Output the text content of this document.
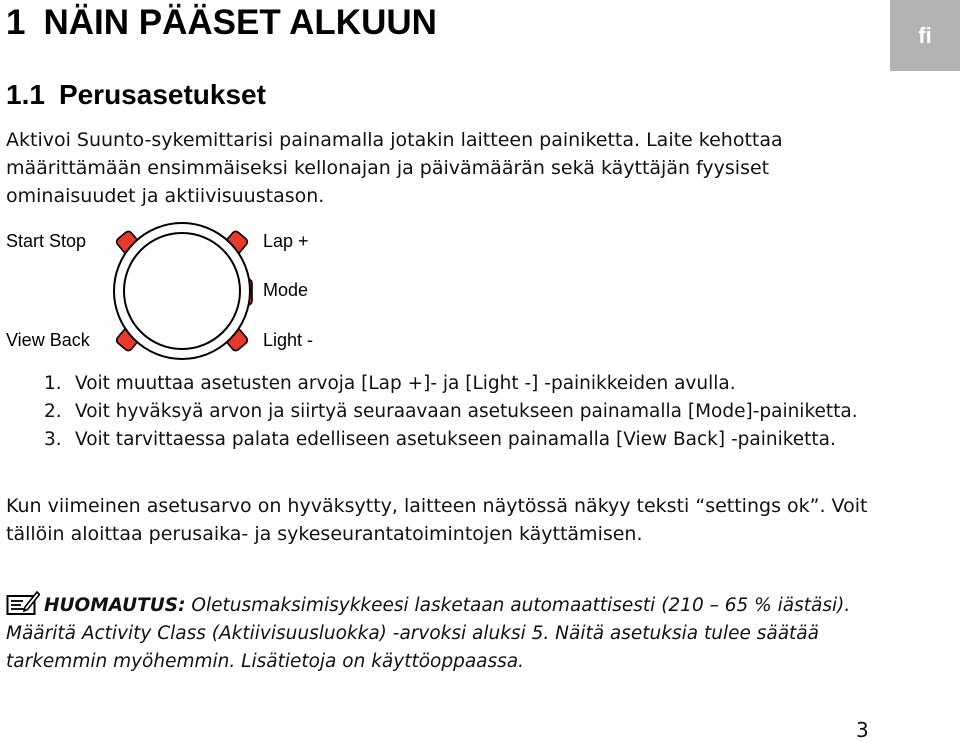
1 NÄIN PÄÄSET ALKUUN	fi
1.1 Perusasetukset

Aktivoi Suunto-sykemittarisi painamalla jotakin laitteen painiketta. Laite kehottaa määrittämään ensimmäiseksi kellonajan ja päivämäärän sekä käyttäjän fyysiset ominaisuudet ja aktiivisuustason.

Start Stop
View Back
Lap +
Mode
Light -
1. Voit muuttaa asetusten arvoja [Lap +]- ja [Light -] -painikkeiden avulla.
2. Voit hyväksyä arvon ja siirtyä seuraavaan asetukseen painamalla [Mode]-painiketta.
3. Voit tarvittaessa palata edelliseen asetukseen painamalla [View Back] -painiketta.

Kun viimeinen asetusarvo on hyväksytty, laitteen näytössä näkyy teksti “settings ok”. Voit tällöin aloittaa perusaika- ja sykeseurantatoimintojen käyttämisen.

HUOMAUTUS: Oletusmaksimisykkeesi lasketaan automaattisesti (210 – 65 % iästäsi). Määritä Activity Class (Aktiivisuusluokka) -arvoksi aluksi 5. Näitä asetuksia tulee säätää tarkemmin myöhemmin. Lisätietoja on käyttöoppaassa.

3
